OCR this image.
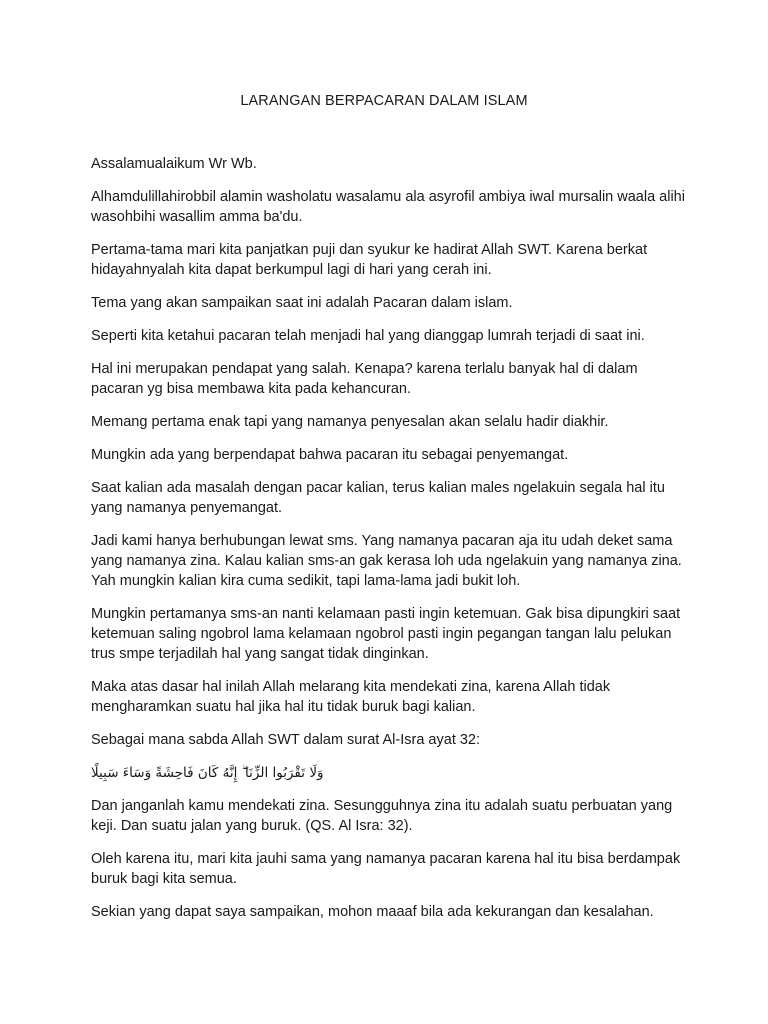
LARANGAN BERPACARAN DALAM ISLAM

Assalamualaikum Wr Wb.

Alhamdulillahirobbil alamin washolatu wasalamu ala asyrofil ambiya iwal mursalin waala alihi wasohbihi wasallim amma ba'du.

Pertama-tama mari kita panjatkan puji dan syukur ke hadirat Allah SWT. Karena berkat hidayahnyalah kita dapat berkumpul lagi di hari yang cerah ini.

Tema yang akan sampaikan saat ini adalah Pacaran dalam islam.

Seperti kita ketahui pacaran telah menjadi hal yang dianggap lumrah terjadi di saat ini.

Hal ini merupakan pendapat yang salah. Kenapa? karena terlalu banyak hal di dalam pacaran yg bisa membawa kita pada kehancuran.

Memang pertama enak tapi yang namanya penyesalan akan selalu hadir diakhir.

Mungkin ada yang berpendapat bahwa pacaran itu sebagai penyemangat.

Saat kalian ada masalah dengan pacar kalian, terus kalian males ngelakuin segala hal itu yang namanya penyemangat.

Jadi kami hanya berhubungan lewat sms. Yang namanya pacaran aja itu udah deket sama yang namanya zina. Kalau kalian sms-an gak kerasa loh uda ngelakuin yang namanya zina. Yah mungkin kalian kira cuma sedikit, tapi lama-lama jadi bukit loh.

Mungkin pertamanya sms-an nanti kelamaan pasti ingin ketemuan. Gak bisa dipungkiri saat ketemuan saling ngobrol lama kelamaan ngobrol pasti ingin pegangan tangan lalu pelukan trus smpe terjadilah hal yang sangat tidak dinginkan.

Maka atas dasar hal inilah Allah melarang kita mendekati zina, karena Allah tidak mengharamkan suatu hal jika hal itu tidak buruk bagi kalian.

Sebagai mana sabda Allah SWT dalam surat Al-Isra ayat 32:

وَلَا تَقْرَبُوا الزِّنَا ۖ إِنَّهُ كَانَ فَاحِشَةً وَسَاءَ سَبِيلًا

Dan janganlah kamu mendekati zina. Sesungguhnya zina itu adalah suatu perbuatan yang keji. Dan suatu jalan yang buruk. (QS. Al Isra: 32).

Oleh karena itu, mari kita jauhi sama yang namanya pacaran karena hal itu bisa berdampak buruk bagi kita semua.

Sekian yang dapat saya sampaikan, mohon maaaf bila ada kekurangan dan kesalahan.
